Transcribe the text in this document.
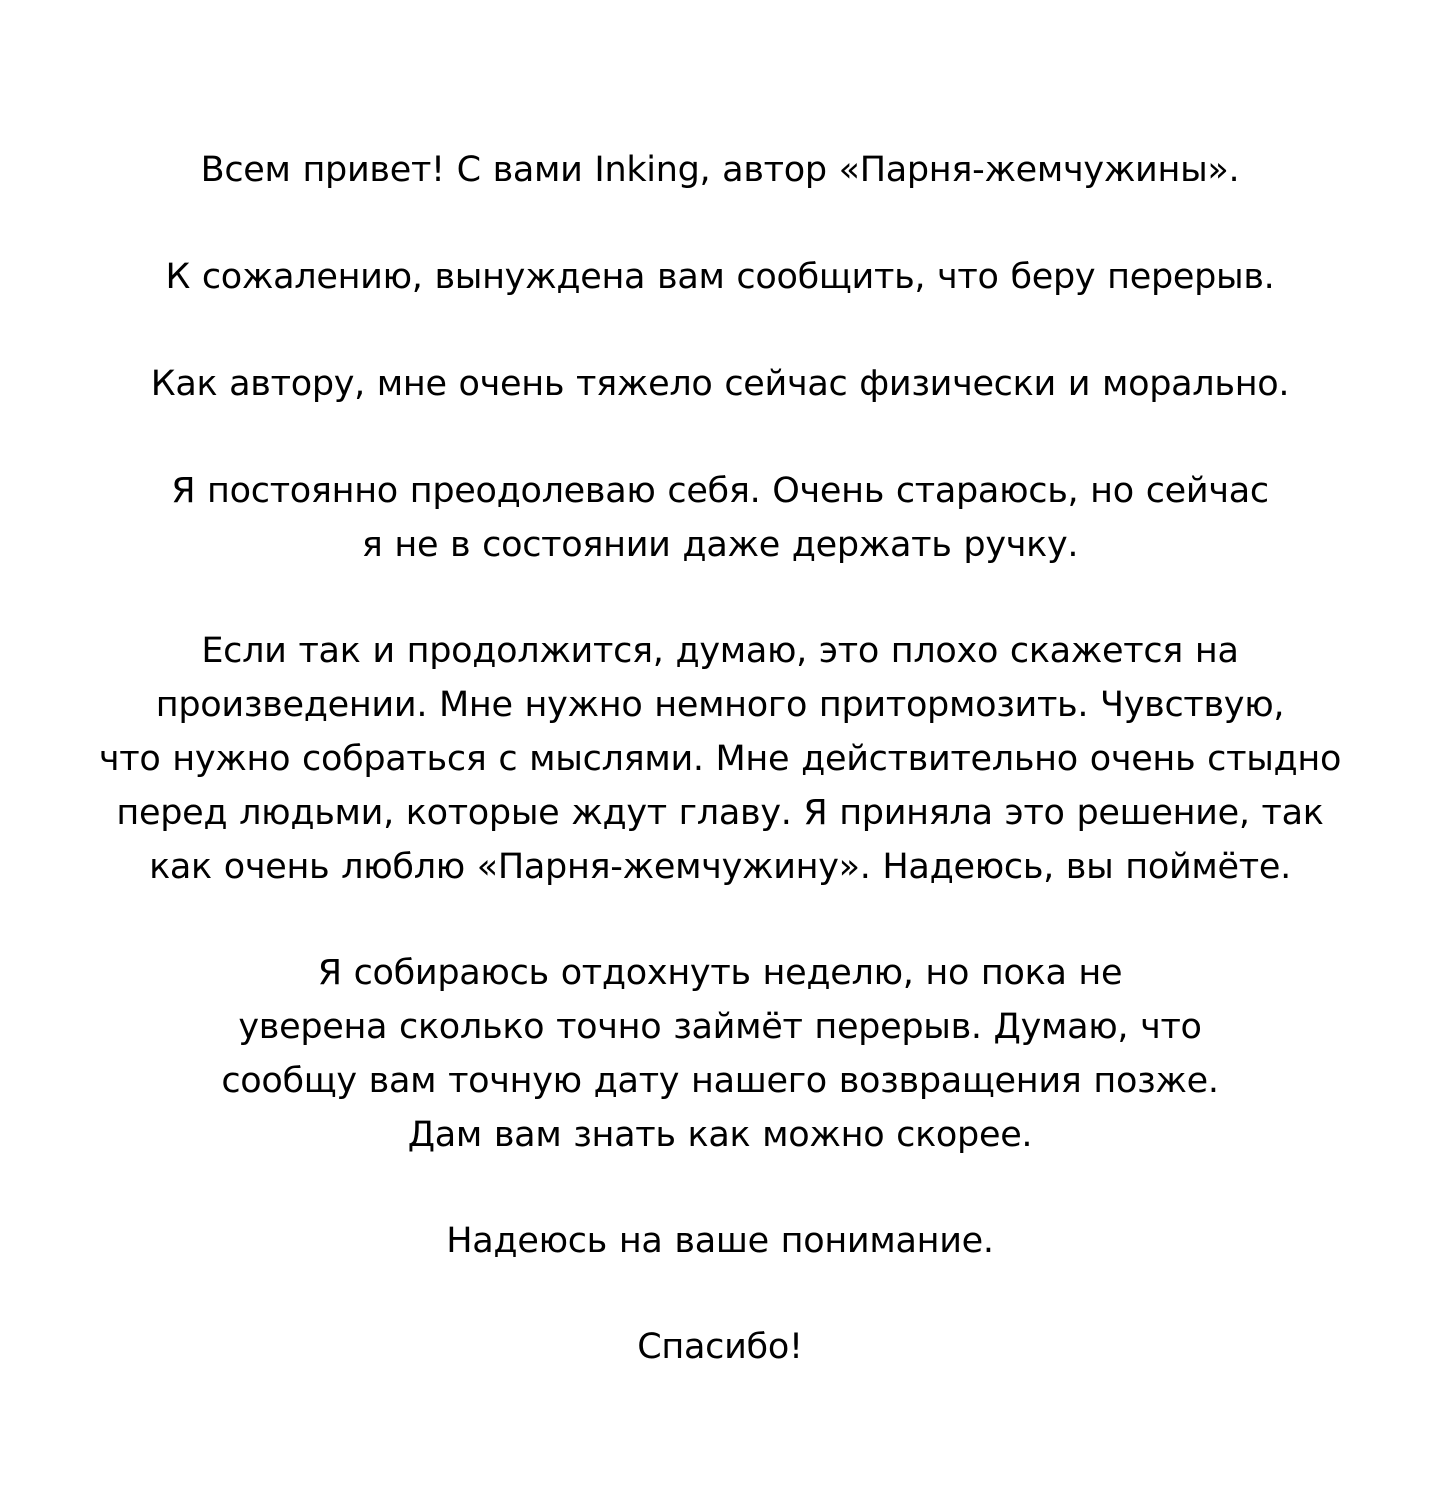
Всем привет! С вами Inking, автор «Парня-жемчужины».
К сожалению, вынуждена вам сообщить, что беру перерыв.
Как автору, мне очень тяжело сейчас физически и морально.
Я постоянно преодолеваю себя. Очень стараюсь, но сейчас
я не в состоянии даже держать ручку.
Если так и продолжится, думаю, это плохо скажется на
произведении. Мне нужно немного притормозить. Чувствую,
что нужно собраться с мыслями. Мне действительно очень стыдно
перед людьми, которые ждут главу. Я приняла это решение, так
как очень люблю «Парня-жемчужину». Надеюсь, вы поймёте.
Я собираюсь отдохнуть неделю, но пока не
уверена сколько точно займёт перерыв. Думаю, что
сообщу вам точную дату нашего возвращения позже.
Дам вам знать как можно скорее.
Надеюсь на ваше понимание.
Спасибо!
